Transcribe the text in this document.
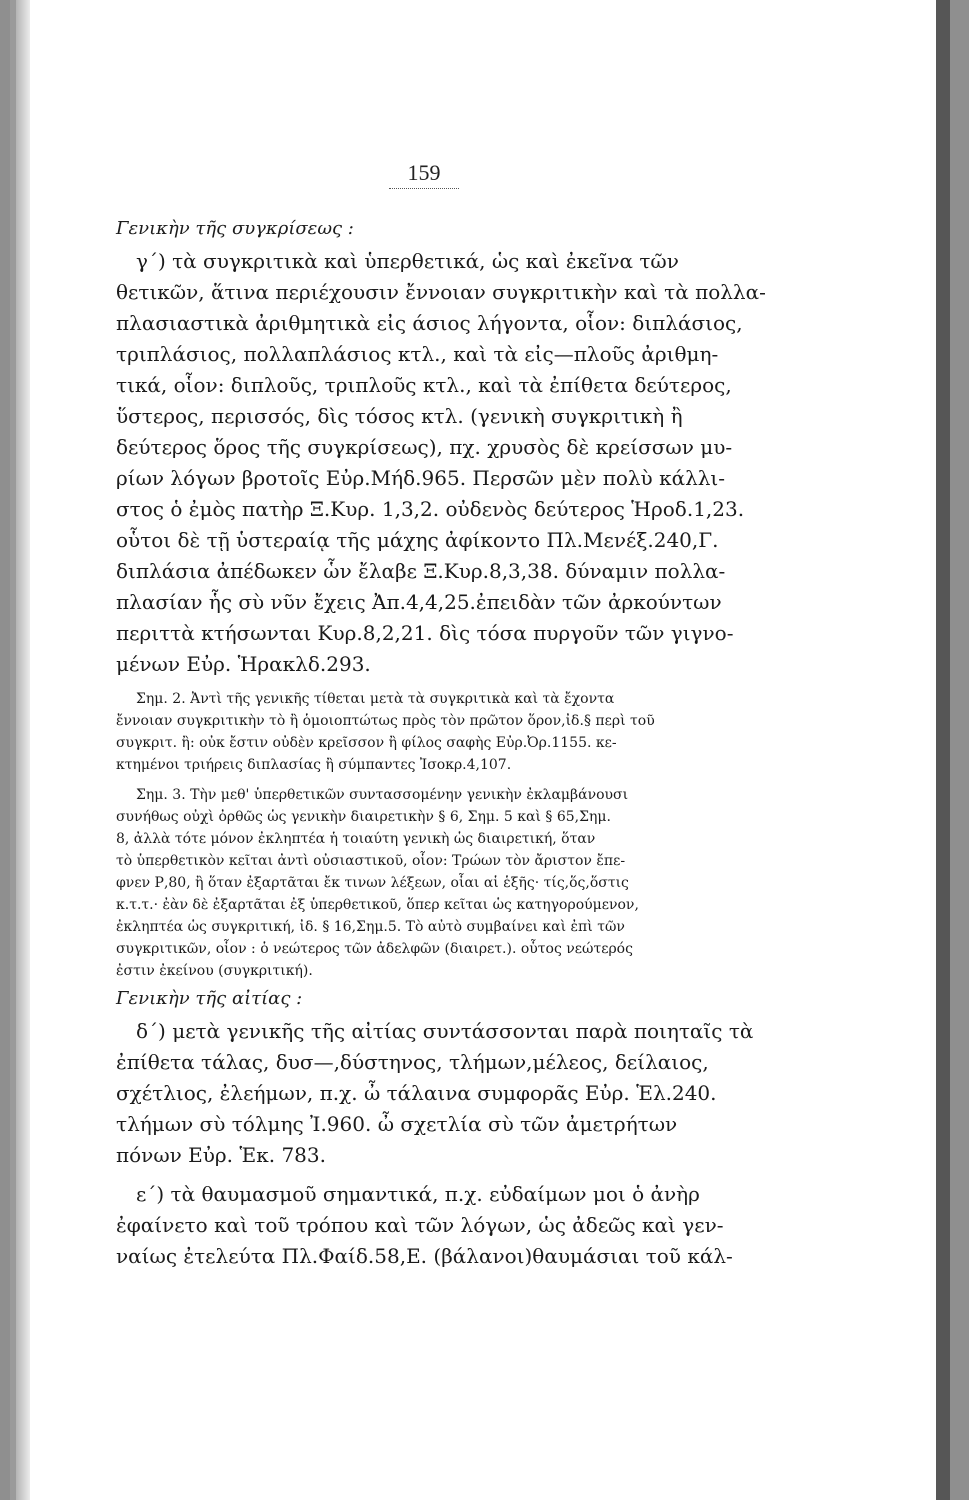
159
Γενικὴν τῆς συγκρίσεως :
γ΄) τὰ συγκριτικὰ καὶ ὑπερθετικά, ὡς καὶ ἐκεῖνα τῶν
θετικῶν, ἅτινα περιέχουσιν ἔννοιαν συγκριτικὴν καὶ τὰ πολλα-
πλασιαστικὰ ἀριθμητικὰ εἰς άσιος λήγοντα, οἷον: διπλάσιος,
τριπλάσιος, πολλαπλάσιος κτλ., καὶ τὰ εἰς—πλοῦς ἀριθμη-
τικά, οἷον: διπλοῦς, τριπλοῦς κτλ., καὶ τὰ ἐπίθετα δεύτερος,
ὕστερος, περισσός, δὶς τόσος κτλ. (γενικὴ συγκριτικὴ ἢ
δεύτερος ὅρος τῆς συγκρίσεως), πχ. χρυσὸς δὲ κρείσσων μυ-
ρίων λόγων βροτοῖς Εὐρ.Μήδ.965. Περσῶν μὲν πολὺ κάλλι-
στος ὁ ἐμὸς πατὴρ Ξ.Κυρ. 1,3,2. οὐδενὸς δεύτερος Ἡροδ.1,23.
οὗτοι δὲ τῇ ὑστεραίᾳ τῆς μάχης ἀφίκοντο Πλ.Μενέξ.240,Γ.
διπλάσια ἀπέδωκεν ὧν ἔλαβε Ξ.Κυρ.8,3,38. δύναμιν πολλα-
πλασίαν ἧς σὺ νῦν ἔχεις Ἀπ.4,4,25.ἐπειδὰν τῶν ἀρκούντων
περιττὰ κτήσωνται Κυρ.8,2,21. δὶς τόσα πυργοῦν τῶν γιγνο-
μένων Εὐρ. Ἡρακλδ.293.
Σημ. 2. Ἀντὶ τῆς γενικῆς τίθεται μετὰ τὰ συγκριτικὰ καὶ τὰ ἔχοντα
ἔννοιαν συγκριτικὴν τὸ ἢ ὁμοιοπτώτως πρὸς τὸν πρῶτον ὅρον,ἰδ.§ περὶ τοῦ
συγκριτ. ἢ: οὐκ ἔστιν οὐδὲν κρεῖσσον ἢ φίλος σαφὴς Εὐρ.Ὀρ.1155. κε-
κτημένοι τριήρεις διπλασίας ἢ σύμπαντες Ἰσοκρ.4,107.
Σημ. 3. Τὴν μεθ' ὑπερθετικῶν συντασσομένην γενικὴν ἐκλαμβάνουσι
συνήθως οὐχὶ ὀρθῶς ὡς γενικὴν διαιρετικὴν § 6, Σημ. 5 καὶ § 65,Σημ.
8, ἀλλὰ τότε μόνον ἐκληπτέα ἡ τοιαύτη γενικὴ ὡς διαιρετική, ὅταν
τὸ ὑπερθετικὸν κεῖται ἀντὶ οὐσιαστικοῦ, οἷον: Τρώων τὸν ἄριστον ἔπε-
φνεν Ρ,80, ἢ ὅταν ἐξαρτᾶται ἔκ τινων λέξεων, οἷαι αἱ ἑξῆς· τίς,ὅς,ὅστις
κ.τ.τ.· ἐὰν δὲ ἐξαρτᾶται ἐξ ὑπερθετικοῦ, ὅπερ κεῖται ὡς κατηγορούμενον,
ἐκληπτέα ὡς συγκριτική, ἰδ. § 16,Σημ.5. Τὸ αὐτὸ συμβαίνει καὶ ἐπὶ τῶν
συγκριτικῶν, οἷον : ὁ νεώτερος τῶν ἀδελφῶν (διαιρετ.). οὗτος νεώτερός
ἐστιν ἐκείνου (συγκριτική).
Γενικὴν τῆς αἰτίας :
δ΄) μετὰ γενικῆς τῆς αἰτίας συντάσσονται παρὰ ποιηταῖς τὰ
ἐπίθετα τάλας, δυσ—,δύστηνος, τλήμων,μέλεος, δείλαιος,
σχέτλιος, ἐλεήμων, π.χ. ὦ τάλαινα συμφορᾶς Εὐρ. Ἑλ.240.
τλήμων σὺ τόλμης Ἰ.960. ὦ σχετλία σὺ τῶν ἀμετρήτων
πόνων Εὐρ. Ἑκ. 783.
ε΄) τὰ θαυμασμοῦ σημαντικά, π.χ. εὐδαίμων μοι ὁ ἀνὴρ
ἐφαίνετο καὶ τοῦ τρόπου καὶ τῶν λόγων, ὡς ἀδεῶς καὶ γεν-
ναίως ἐτελεύτα Πλ.Φαίδ.58,Ε. (βάλανοι)θαυμάσιαι τοῦ κάλ-
